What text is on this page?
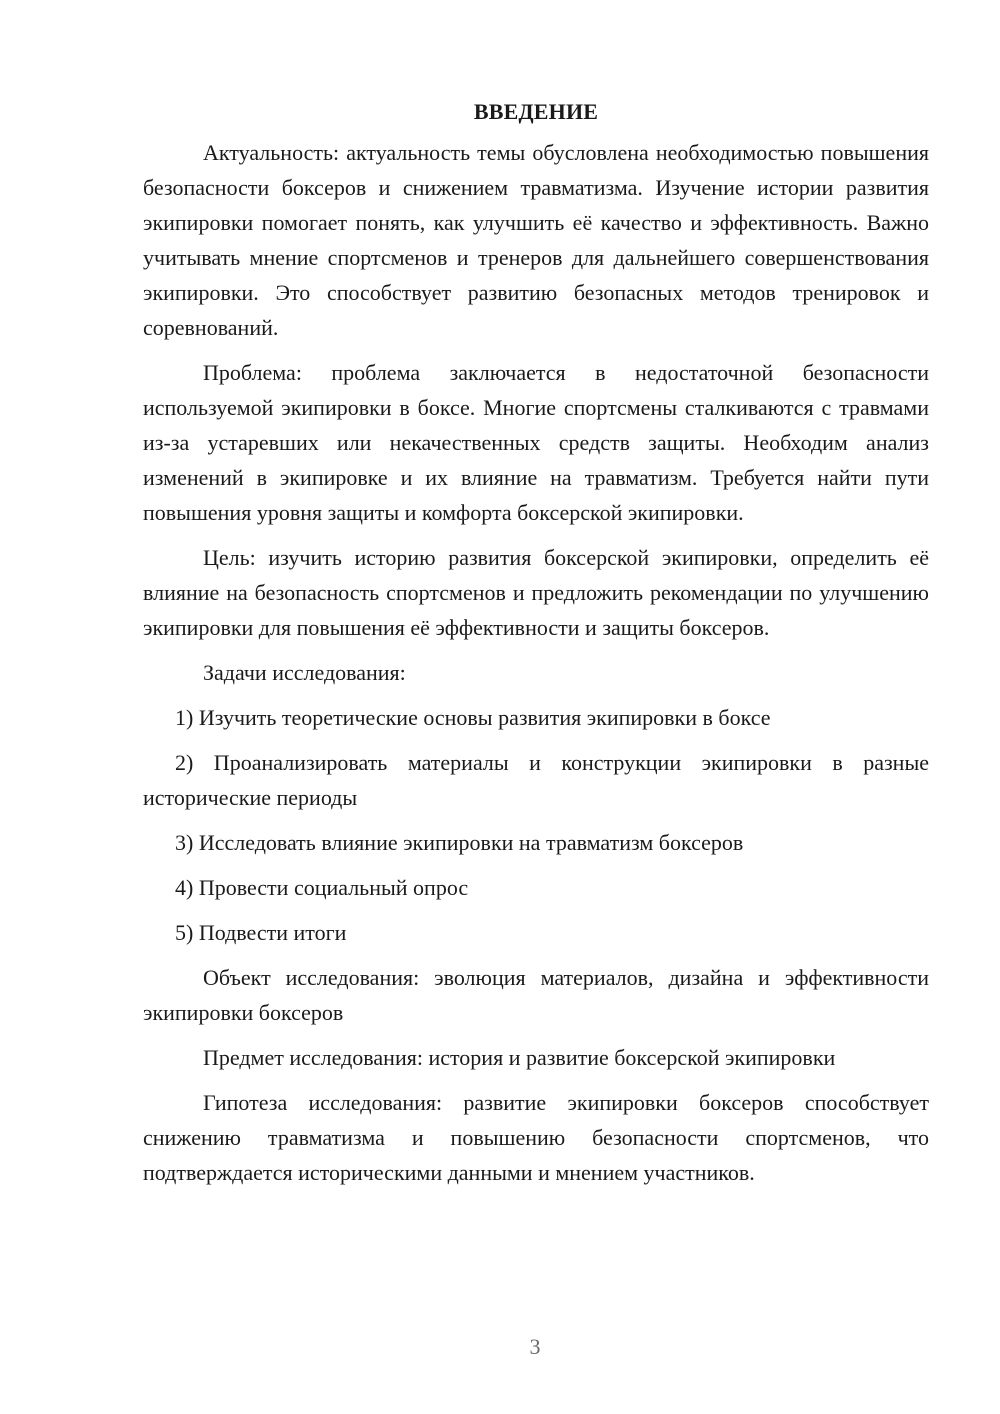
ВВЕДЕНИЕ

Актуальность: актуальность темы обусловлена необходимостью повышения безопасности боксеров и снижением травматизма. Изучение истории развития экипировки помогает понять, как улучшить её качество и эффективность. Важно учитывать мнение спортсменов и тренеров для дальнейшего совершенствования экипировки. Это способствует развитию безопасных методов тренировок и соревнований.

Проблема: проблема заключается в недостаточной безопасности используемой экипировки в боксе. Многие спортсмены сталкиваются с травмами из-за устаревших или некачественных средств защиты. Необходим анализ изменений в экипировке и их влияние на травматизм. Требуется найти пути повышения уровня защиты и комфорта боксерской экипировки.

Цель: изучить историю развития боксерской экипировки, определить её влияние на безопасность спортсменов и предложить рекомендации по улучшению экипировки для повышения её эффективности и защиты боксеров.

Задачи исследования:

1) Изучить теоретические основы развития экипировки в боксе

2) Проанализировать материалы и конструкции экипировки в разные исторические периоды

3) Исследовать влияние экипировки на травматизм боксеров

4) Провести социальный опрос

5) Подвести итоги

Объект исследования: эволюция материалов, дизайна и эффективности экипировки боксеров

Предмет исследования: история и развитие боксерской экипировки

Гипотеза исследования: развитие экипировки боксеров способствует снижению травматизма и повышению безопасности спортсменов, что подтверждается историческими данными и мнением участников.

3
